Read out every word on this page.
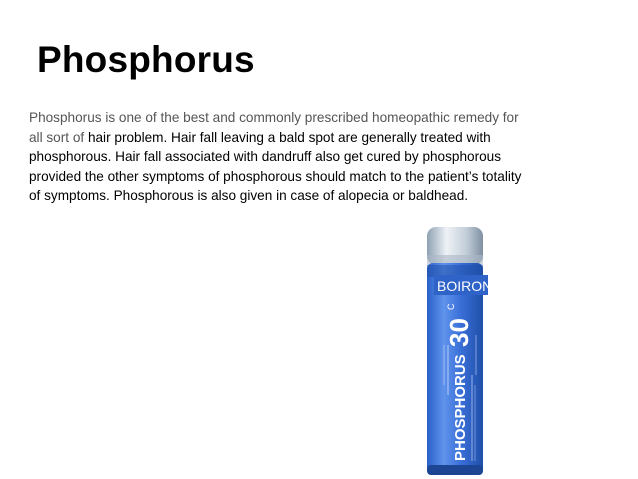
Phosphorus
Phosphorus is one of the best and commonly prescribed homeopathic remedy for
all sort of hair problem. Hair fall leaving a bald spot are generally treated with
phosphorous. Hair fall associated with dandruff also get cured by phosphorous
provided the other symptoms of phosphorous should match to the patient’s totality
of symptoms. Phosphorous is also given in case of alopecia or baldhead.
BOIRON
30
C
PHOSPHORUS
